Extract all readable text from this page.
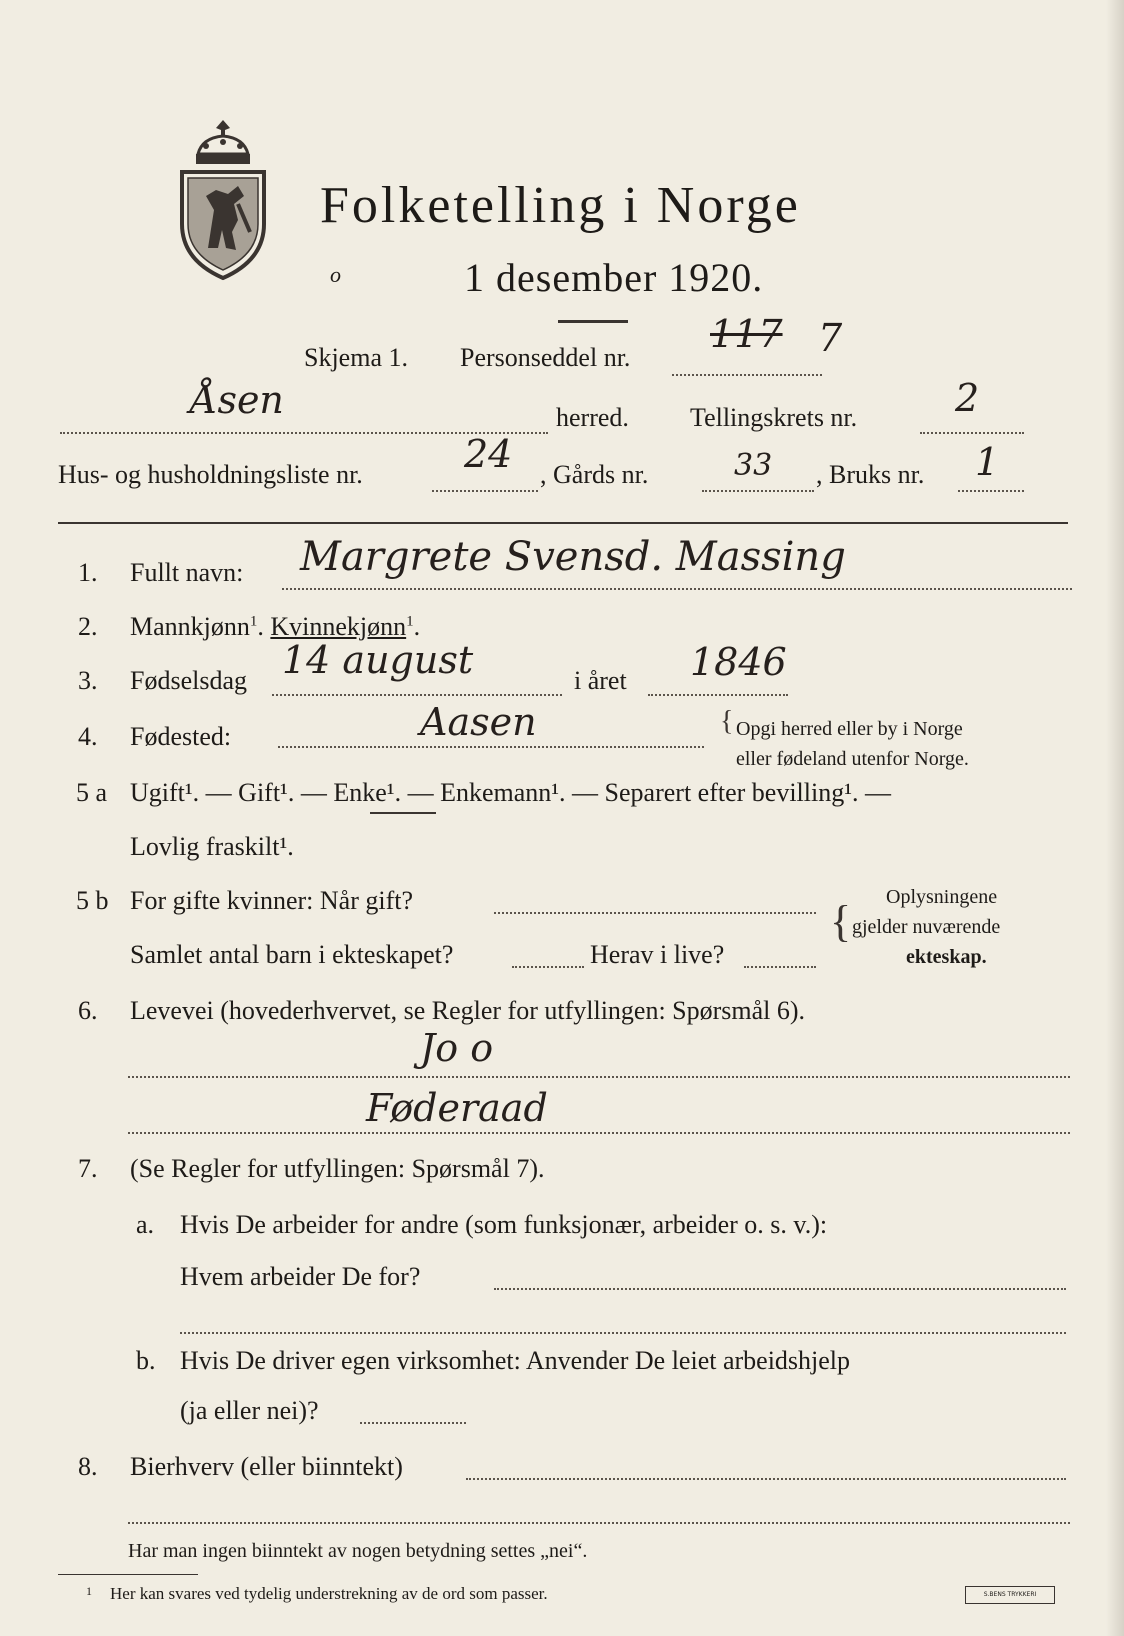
Folketelling i Norge
o	1 desember 1920.
Skjema 1. Personseddel nr.
117 7
Åsen	herred. Tellingskrets nr.	2
Hus- og husholdningsliste nr.	24 , Gårds nr.	33 , Bruks nr. 1
1. Fullt navn: Margrete Svensd. Massing
2. Mannkjønn$^1$. Kvinnekjønn$^1$.
3. Fødselsdag 14 august	i året 1846
4. Fødested:	Aasen	{ Opgi herred eller by i Norge
eller fødeland utenfor Norge.
5 a Ugift¹. — Gift¹. — Enke¹. — Enkemann¹. — Separert efter bevilling¹. —
Lovlig fraskilt¹.
5 b For gifte kvinner: Når gift?
Samlet antal barn i ekteskapet?	Herav i live?
{ Oplysningene
gjelder nuværende
ekteskap.
6. Levevei (hovederhvervet, se Regler for utfyllingen: Spørsmål 6).
Jo o
Føderaad
7. (Se Regler for utfyllingen: Spørsmål 7).
a. Hvis De arbeider for andre (som funksjonær, arbeider o. s. v.):
Hvem arbeider De for?
b. Hvis De driver egen virksomhet: Anvender De leiet arbeidshjelp
(ja eller nei)?
8. Bierhverv (eller biinntekt)
Har man ingen biinntekt av nogen betydning settes „nei“.
1 Her kan svares ved tydelig understrekning av de ord som passer.	S.BENS TRYKKERI
